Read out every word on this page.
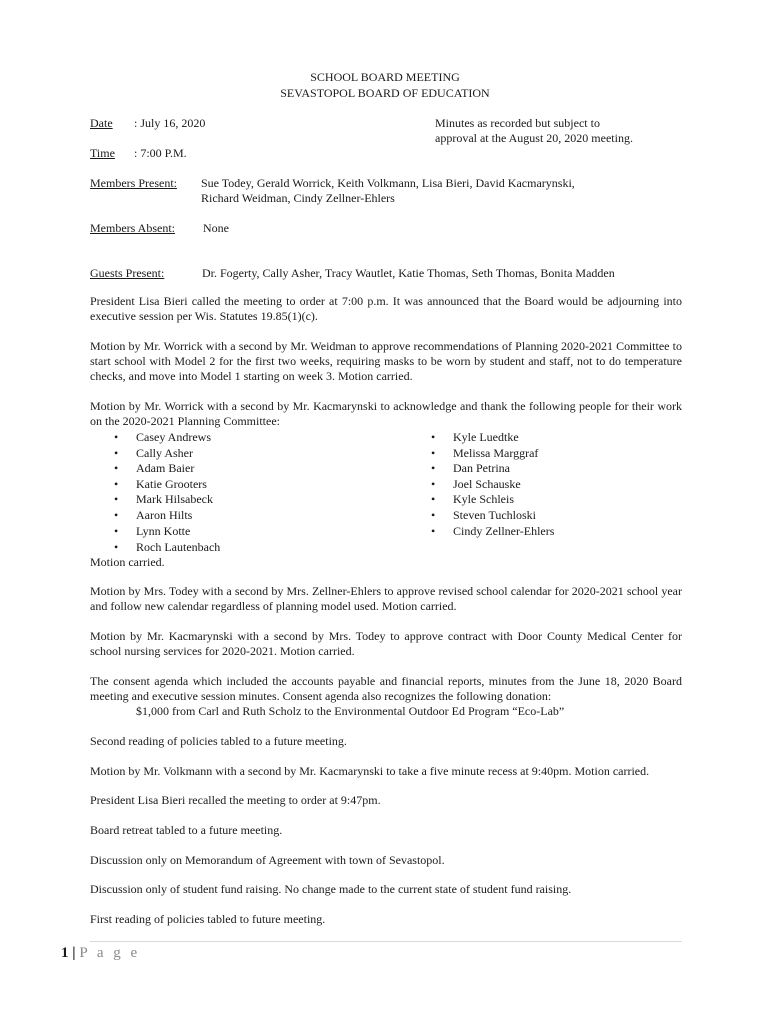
SCHOOL BOARD MEETING
SEVASTOPOL BOARD OF EDUCATION
Date : July 16, 2020	Minutes as recorded but subject to
approval at the August 20, 2020 meeting.
Time : 7:00 P.M.
Members Present: Sue Todey, Gerald Worrick, Keith Volkmann, Lisa Bieri, David Kacmarynski,
Richard Weidman, Cindy Zellner-Ehlers
Members Absent: None
Guests Present:	Dr. Fogerty, Cally Asher, Tracy Wautlet, Katie Thomas, Seth Thomas, Bonita Madden
President Lisa Bieri called the meeting to order at 7:00 p.m. It was announced that the Board would be adjourning into executive session per Wis. Statutes 19.85(1)(c).
Motion by Mr. Worrick with a second by Mr. Weidman to approve recommendations of Planning 2020-2021 Committee to start school with Model 2 for the first two weeks, requiring masks to be worn by student and staff, not to do temperature checks, and move into Model 1 starting on week 3. Motion carried.
Motion by Mr. Worrick with a second by Mr. Kacmarynski to acknowledge and thank the following people for their work on the 2020-2021 Planning Committee:
• Casey Andrews
• Cally Asher
• Adam Baier
• Katie Grooters
• Mark Hilsabeck
• Aaron Hilts
• Lynn Kotte
• Roch Lautenbach
• Kyle Luedtke
• Melissa Marggraf
• Dan Petrina
• Joel Schauske
• Kyle Schleis
• Steven Tuchloski
• Cindy Zellner-Ehlers
Motion carried.
Motion by Mrs. Todey with a second by Mrs. Zellner-Ehlers to approve revised school calendar for 2020-2021 school year and follow new calendar regardless of planning model used. Motion carried.
Motion by Mr. Kacmarynski with a second by Mrs. Todey to approve contract with Door County Medical Center for school nursing services for 2020-2021. Motion carried.
The consent agenda which included the accounts payable and financial reports, minutes from the June 18, 2020 Board meeting and executive session minutes. Consent agenda also recognizes the following donation:
$1,000 from Carl and Ruth Scholz to the Environmental Outdoor Ed Program “Eco-Lab”
Second reading of policies tabled to a future meeting.
Motion by Mr. Volkmann with a second by Mr. Kacmarynski to take a five minute recess at 9:40pm. Motion carried.
President Lisa Bieri recalled the meeting to order at 9:47pm.
Board retreat tabled to a future meeting.
Discussion only on Memorandum of Agreement with town of Sevastopol.
Discussion only of student fund raising. No change made to the current state of student fund raising.
First reading of policies tabled to future meeting.
1 | P a g e
